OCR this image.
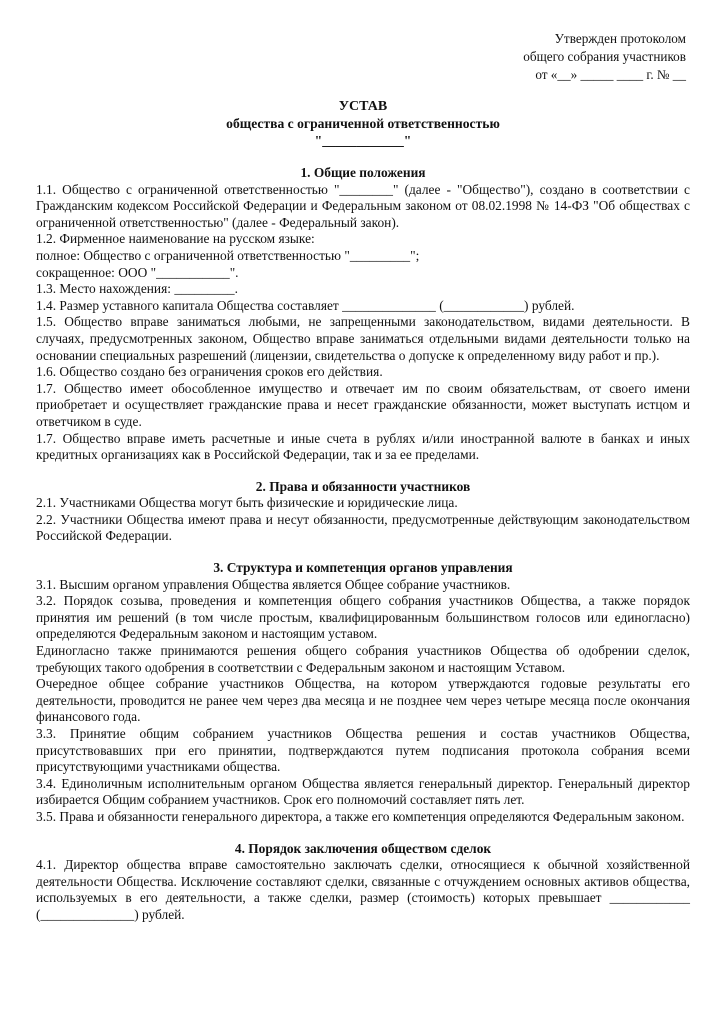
Утвержден протоколом
общего собрания участников
от «__» _____ ____ г. № __
УСТАВ
общества с ограниченной ответственностью
"____________"
1. Общие положения

1.1. Общество с ограниченной ответственностью "________" (далее - "Общество"), создано в соответствии с Гражданским кодексом Российской Федерации и Федеральным законом от 08.02.1998 № 14-ФЗ "Об обществах с ограниченной ответственностью" (далее - Федеральный закон).

1.2. Фирменное наименование на русском языке:

полное: Общество с ограниченной ответственностью "_________";

сокращенное: ООО "___________".

1.3. Место нахождения: _________.

1.4. Размер уставного капитала Общества составляет ______________ (____________) рублей.

1.5. Общество вправе заниматься любыми, не запрещенными законодательством, видами деятельности. В случаях, предусмотренных законом, Общество вправе заниматься отдельными видами деятельности только на основании специальных разрешений (лицензии, свидетельства о допуске к определенному виду работ и пр.).

1.6. Общество создано без ограничения сроков его действия.

1.7. Общество имеет обособленное имущество и отвечает им по своим обязательствам, от своего имени приобретает и осуществляет гражданские права и несет гражданские обязанности, может выступать истцом и ответчиком в суде.

1.7. Общество вправе иметь расчетные и иные счета в рублях и/или иностранной валюте в банках и иных кредитных организациях как в Российской Федерации, так и за ее пределами.

2. Права и обязанности участников

2.1. Участниками Общества могут быть физические и юридические лица.

2.2. Участники Общества имеют права и несут обязанности, предусмотренные действующим законодательством Российской Федерации.

3. Структура и компетенция органов управления

3.1. Высшим органом управления Общества является Общее собрание участников.

3.2. Порядок созыва, проведения и компетенция общего собрания участников Общества, а также порядок принятия им решений (в том числе простым, квалифицированным большинством голосов или единогласно) определяются Федеральным законом и настоящим уставом.

Единогласно также принимаются решения общего собрания участников Общества об одобрении сделок, требующих такого одобрения в соответствии с Федеральным законом и настоящим Уставом.

Очередное общее собрание участников Общества, на котором утверждаются годовые результаты его деятельности, проводится не ранее чем через два месяца и не позднее чем через четыре месяца после окончания финансового года.

3.3. Принятие общим собранием участников Общества решения и состав участников Общества, присутствовавших при его принятии, подтверждаются путем подписания протокола собрания всеми присутствующими участниками общества.

3.4. Единоличным исполнительным органом Общества является генеральный директор. Генеральный директор избирается Общим собранием участников. Срок его полномочий составляет пять лет.

3.5. Права и обязанности генерального директора, а также его компетенция определяются Федеральным законом.

4. Порядок заключения обществом сделок

4.1. Директор общества вправе самостоятельно заключать сделки, относящиеся к обычной хозяйственной деятельности Общества. Исключение составляют сделки, связанные с отчуждением основных активов общества, используемых в его деятельности, а также сделки, размер (стоимость) которых превышает ____________ (______________) рублей.
